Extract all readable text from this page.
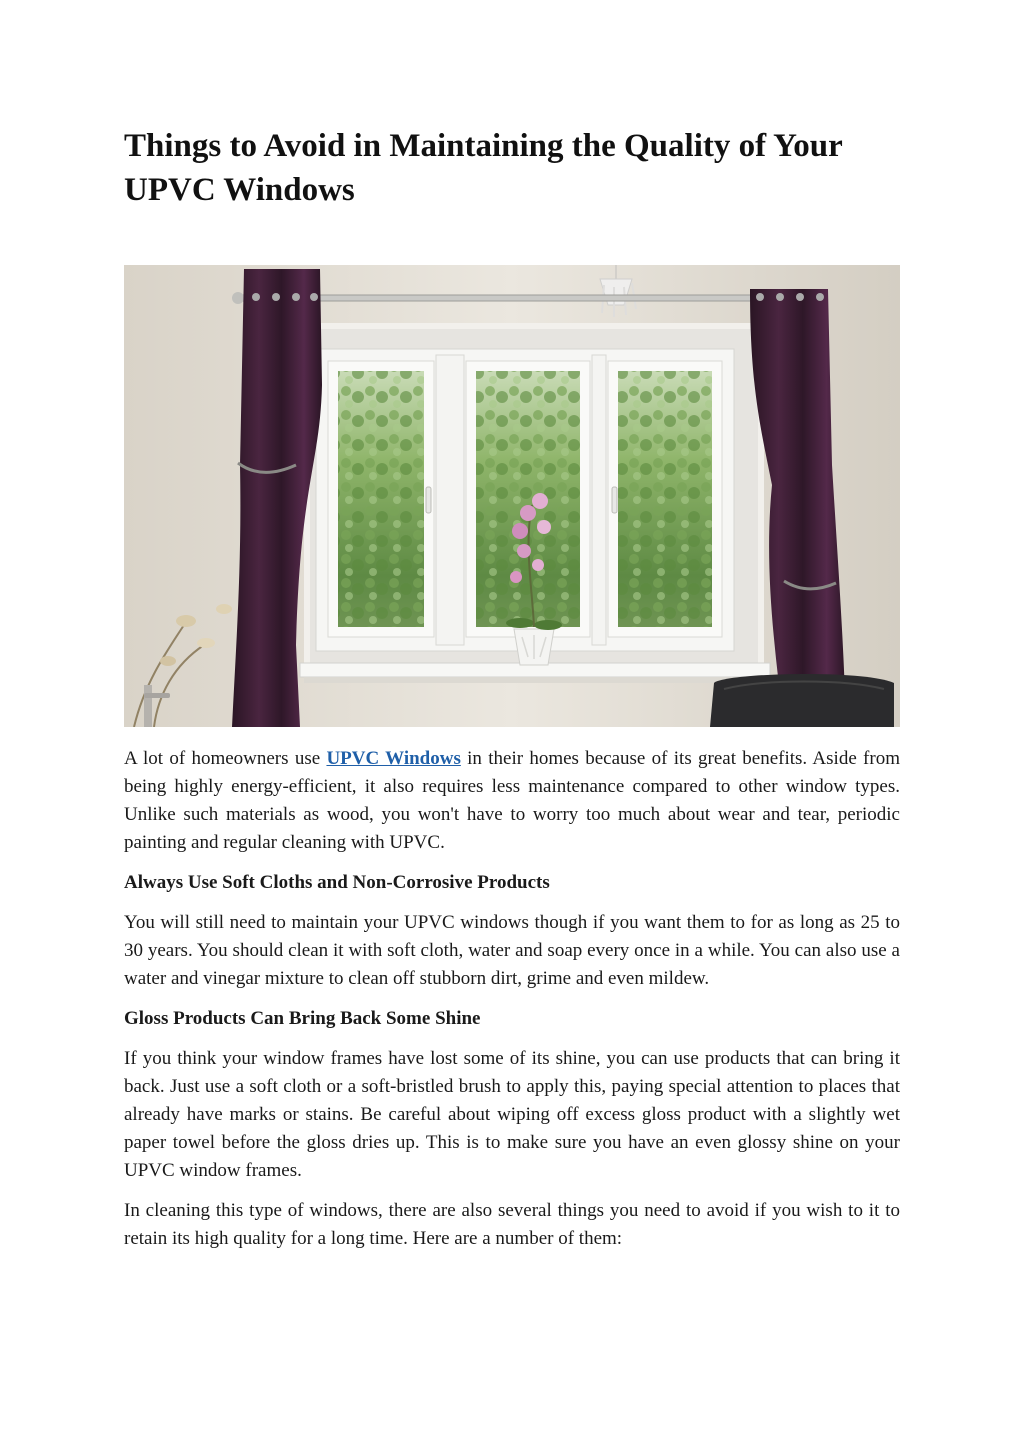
Things to Avoid in Maintaining the Quality of Your UPVC Windows

A lot of homeowners use UPVC Windows in their homes because of its great benefits. Aside from being highly energy-efficient, it also requires less maintenance compared to other window types. Unlike such materials as wood, you won't have to worry too much about wear and tear, periodic painting and regular cleaning with UPVC.

Always Use Soft Cloths and Non-Corrosive Products

You will still need to maintain your UPVC windows though if you want them to for as long as 25 to 30 years. You should clean it with soft cloth, water and soap every once in a while. You can also use a water and vinegar mixture to clean off stubborn dirt, grime and even mildew.

Gloss Products Can Bring Back Some Shine

If you think your window frames have lost some of its shine, you can use products that can bring it back. Just use a soft cloth or a soft-bristled brush to apply this, paying special attention to places that already have marks or stains. Be careful about wiping off excess gloss product with a slightly wet paper towel before the gloss dries up. This is to make sure you have an even glossy shine on your UPVC window frames.

In cleaning this type of windows, there are also several things you need to avoid if you wish to it to retain its high quality for a long time. Here are a number of them:
